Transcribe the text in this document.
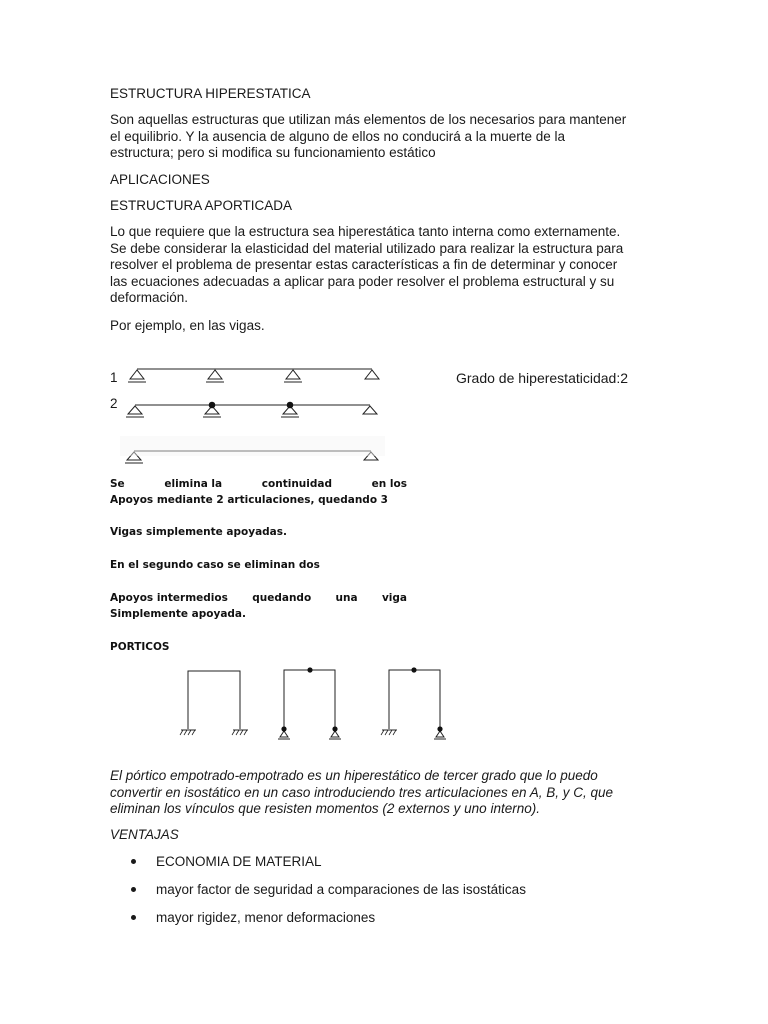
ESTRUCTURA HIPERESTATICA
Son aquellas estructuras que utilizan más elementos de los necesarios para mantener
el equilibrio. Y la ausencia de alguno de ellos no conducirá a la muerte de la
estructura; pero si modifica su funcionamiento estático
APLICACIONES
ESTRUCTURA APORTICADA
Lo que requiere que la estructura sea hiperestática tanto interna como externamente.
Se debe considerar la elasticidad del material utilizado para realizar la estructura para
resolver el problema de presentar estas características a fin de determinar y conocer
las ecuaciones adecuadas a aplicar para poder resolver el problema estructural y su
deformación.
Por ejemplo, en las vigas.
1
2
Grado de hiperestaticidad:2
Se	elimina la	continuidad	en los
Apoyos mediante 2 articulaciones, quedando 3
Vigas simplemente apoyadas.
En el segundo caso se eliminan dos
Apoyos intermedios quedando una viga
Simplemente apoyada.
PORTICOS
El pórtico empotrado-empotrado es un hiperestático de tercer grado que lo puedo
convertir en isostático en un caso introduciendo tres articulaciones en A, B, y C, que
eliminan los vínculos que resisten momentos (2 externos y uno interno).
VENTAJAS
ECONOMIA DE MATERIAL
mayor factor de seguridad a comparaciones de las isostáticas
mayor rigidez, menor deformaciones
